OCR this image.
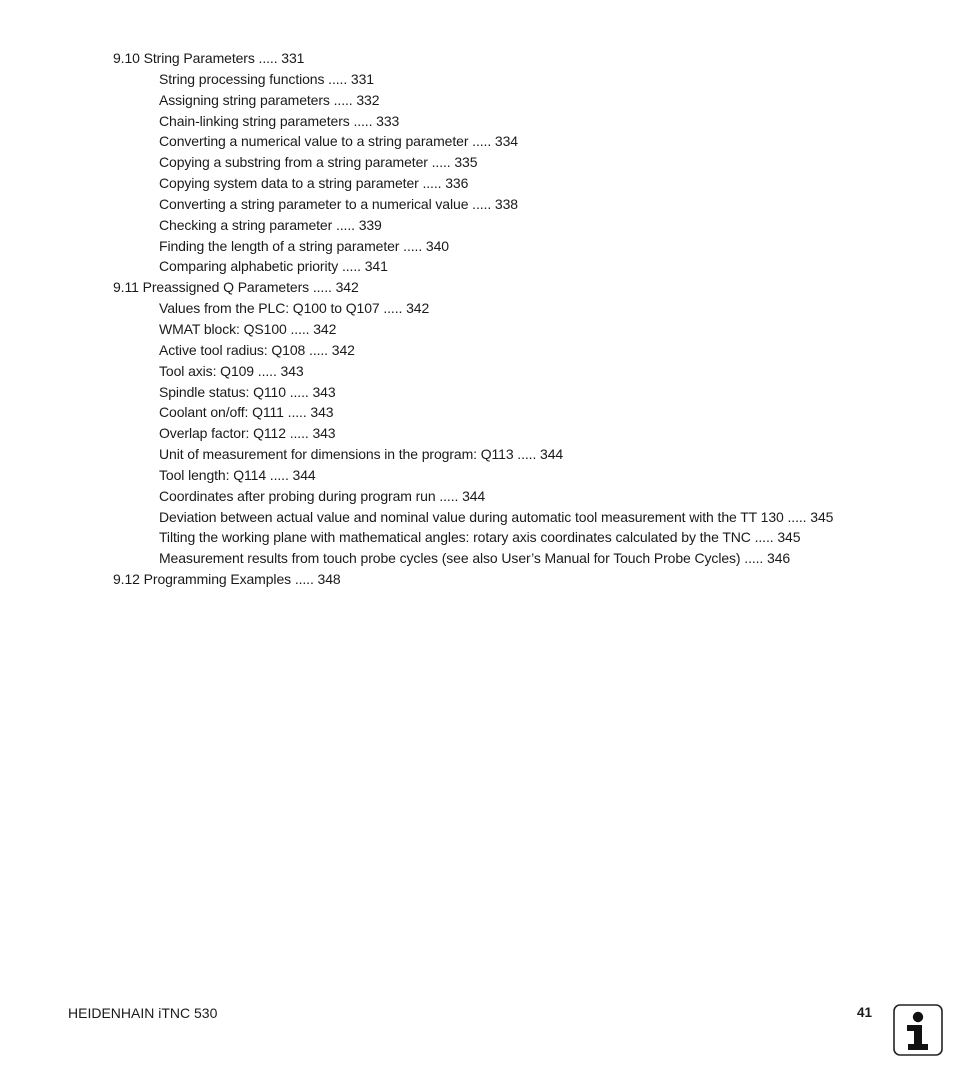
9.10 String Parameters ..... 331
String processing functions ..... 331
Assigning string parameters ..... 332
Chain-linking string parameters ..... 333
Converting a numerical value to a string parameter ..... 334
Copying a substring from a string parameter ..... 335
Copying system data to a string parameter ..... 336
Converting a string parameter to a numerical value ..... 338
Checking a string parameter ..... 339
Finding the length of a string parameter ..... 340
Comparing alphabetic priority ..... 341
9.11 Preassigned Q Parameters ..... 342
Values from the PLC: Q100 to Q107 ..... 342
WMAT block: QS100 ..... 342
Active tool radius: Q108 ..... 342
Tool axis: Q109 ..... 343
Spindle status: Q110 ..... 343
Coolant on/off: Q111 ..... 343
Overlap factor: Q112 ..... 343
Unit of measurement for dimensions in the program: Q113 ..... 344
Tool length: Q114 ..... 344
Coordinates after probing during program run ..... 344
Deviation between actual value and nominal value during automatic tool measurement with the TT 130 ..... 345
Tilting the working plane with mathematical angles: rotary axis coordinates calculated by the TNC ..... 345
Measurement results from touch probe cycles (see also User’s Manual for Touch Probe Cycles) ..... 346
9.12 Programming Examples ..... 348
HEIDENHAIN iTNC 530	41
